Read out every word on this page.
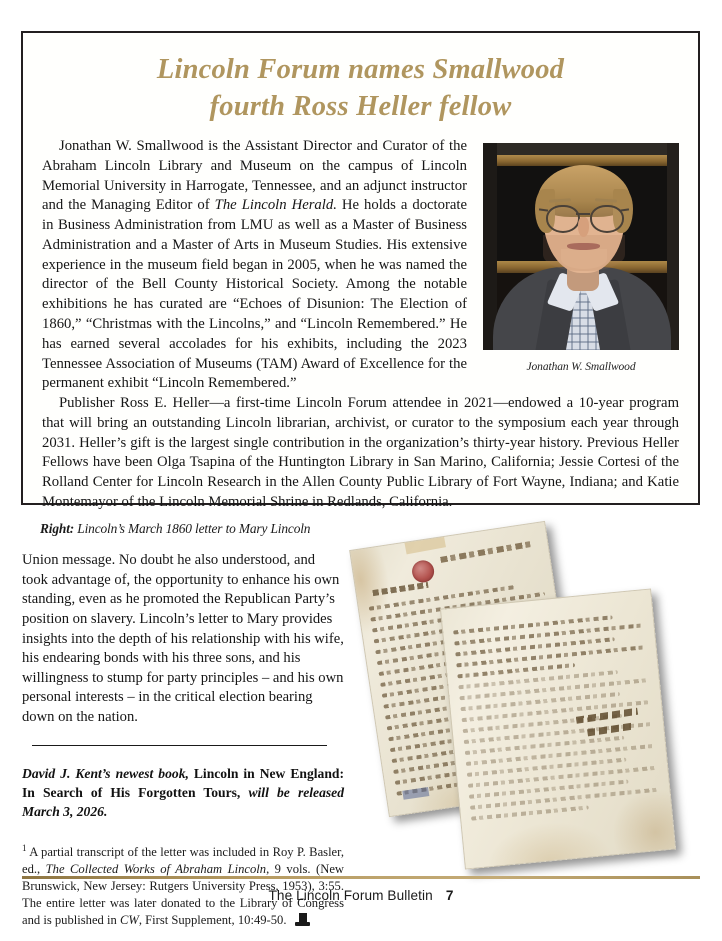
Lincoln Forum names Smallwood
fourth Ross Heller fellow
Jonathan W. Smallwood

Jonathan W. Smallwood is the Assistant Director and Curator of the Abraham Lincoln Library and Museum on the campus of Lincoln Memorial University in Harrogate, Tennessee, and an adjunct instructor and the Managing Editor of The Lincoln Herald. He holds a doctorate in Business Administration from LMU as well as a Master of Business Administration and a Master of Arts in Museum Studies. His extensive experience in the museum field began in 2005, when he was named the director of the Bell County Historical Society. Among the notable exhibitions he has curated are “Echoes of Disunion: The Election of 1860,” “Christmas with the Lincolns,” and “Lincoln Remembered.” He has earned several accolades for his exhibits, including the 2023 Tennessee Association of Museums (TAM) Award of Excellence for the permanent exhibit “Lincoln Remembered.”

Publisher Ross E. Heller—a first-time Lincoln Forum attendee in 2021—endowed a 10-year program that will bring an outstanding Lincoln librarian, archivist, or curator to the symposium each year through 2031. Heller’s gift is the largest single contribution in the organization’s thirty-year history. Previous Heller Fellows have been Olga Tsapina of the Huntington Library in San Marino, California; Jessie Cortesi of the Rolland Center for Lincoln Research in the Allen County Public Library of Fort Wayne, Indiana; and Katie Montemayor of the Lincoln Memorial Shrine in Redlands, California.

Right: Lincoln’s March 1860 letter to Mary Lincoln
Union message. No doubt he also understood, and took advantage of, the opportunity to enhance his own standing, even as he promoted the Republican Party’s position on slavery. Lincoln’s letter to Mary provides insights into the depth of his relationship with his wife, his endearing bonds with his three sons, and his willingness to stump for party principles – and his own personal interests – in the critical election bearing down on the nation.
David J. Kent’s newest book, Lincoln in New England: In Search of His Forgotten Tours, will be released March 3, 2026.
$^1$ A partial transcript of the letter was included in Roy P. Basler, ed., The Collected Works of Abraham Lincoln, 9 vols. (New Brunswick, New Jersey: Rutgers University Press, 1953), 3:55. The entire letter was later donated to the Library of Congress and is published in CW, First Supplement, 10:49-50.
The Lincoln Forum Bulletin 7
